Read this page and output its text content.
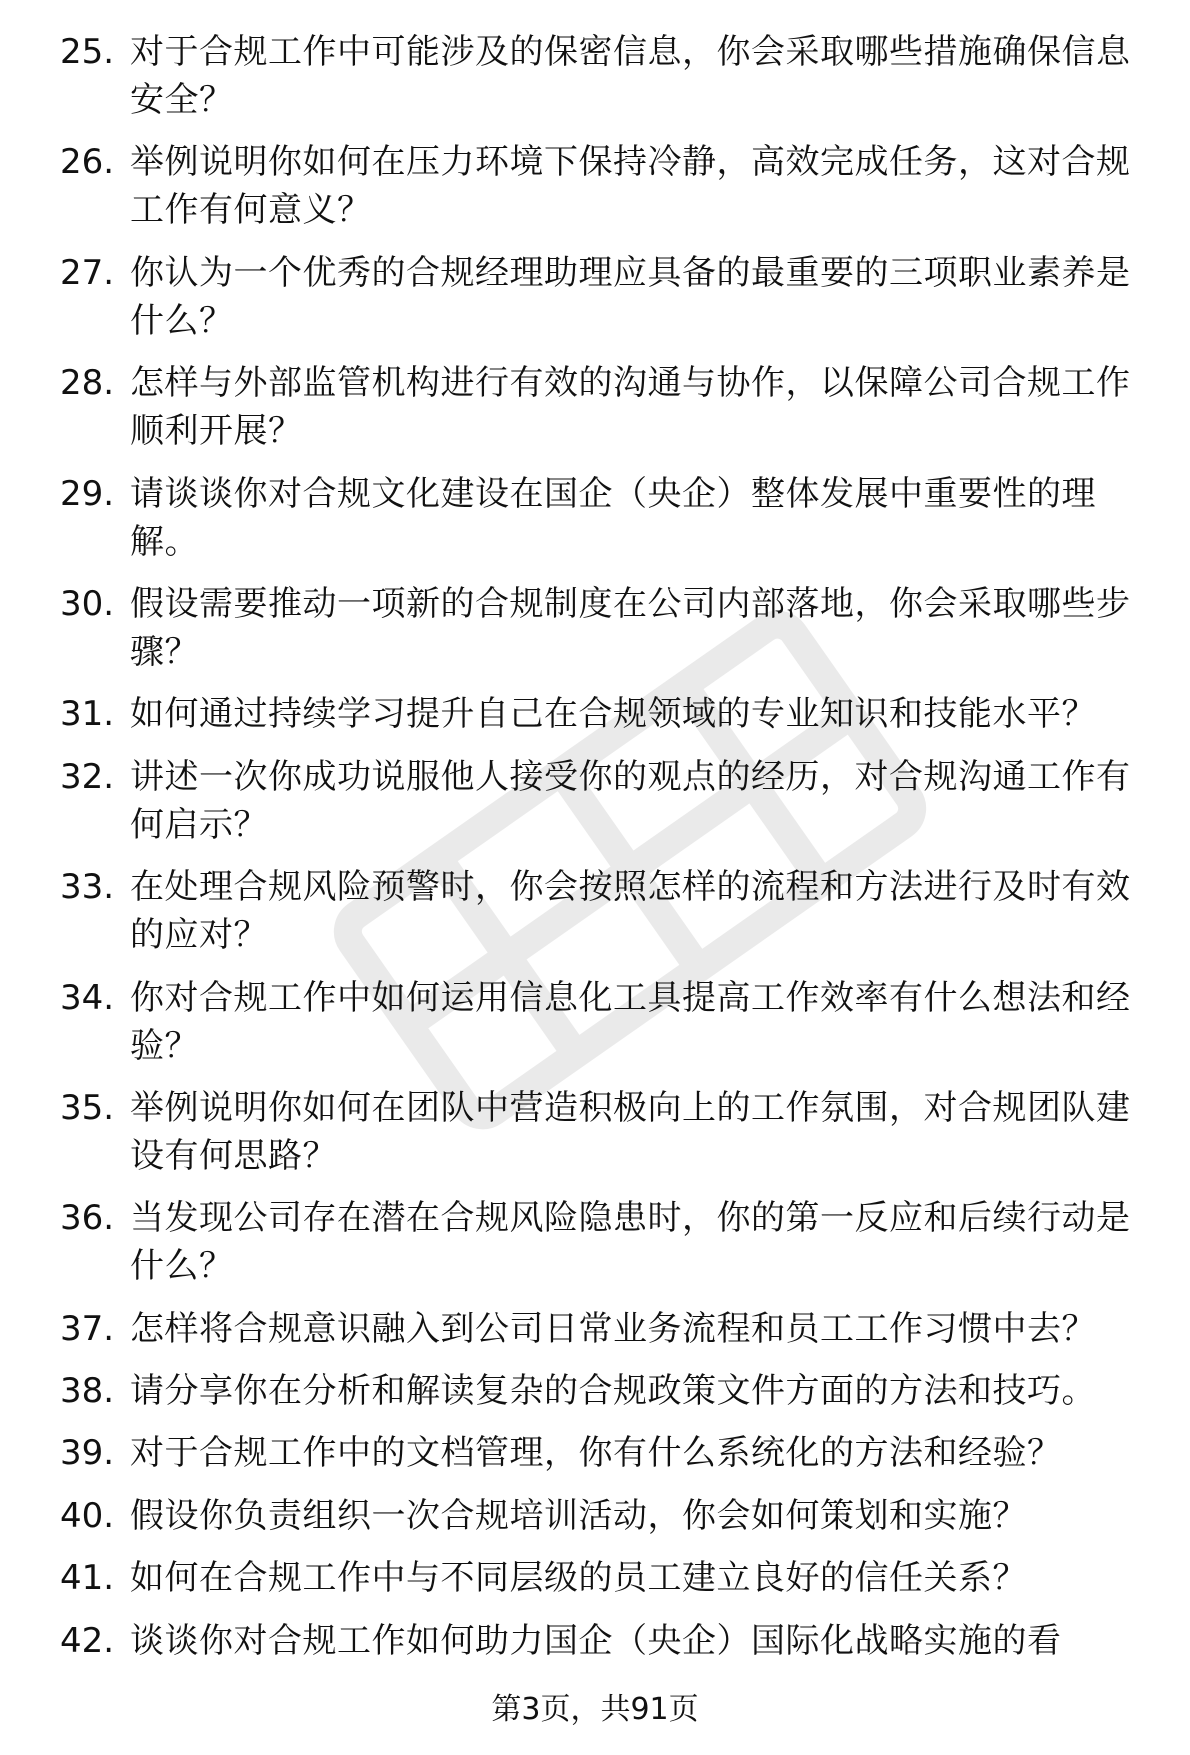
25. 对于合规工作中可能涉及的保密信息，你会采取哪些措施确保信息安全？
26. 举例说明你如何在压力环境下保持冷静，高效完成任务，这对合规工作有何意义？
27. 你认为一个优秀的合规经理助理应具备的最重要的三项职业素养是什么？
28. 怎样与外部监管机构进行有效的沟通与协作，以保障公司合规工作顺利开展？
29. 请谈谈你对合规文化建设在国企（央企）整体发展中重要性的理解。
30. 假设需要推动一项新的合规制度在公司内部落地，你会采取哪些步骤？
31. 如何通过持续学习提升自己在合规领域的专业知识和技能水平？
32. 讲述一次你成功说服他人接受你的观点的经历，对合规沟通工作有何启示？
33. 在处理合规风险预警时，你会按照怎样的流程和方法进行及时有效的应对？
34. 你对合规工作中如何运用信息化工具提高工作效率有什么想法和经验？
35. 举例说明你如何在团队中营造积极向上的工作氛围，对合规团队建设有何思路？
36. 当发现公司存在潜在合规风险隐患时，你的第一反应和后续行动是什么？
37. 怎样将合规意识融入到公司日常业务流程和员工工作习惯中去？
38. 请分享你在分析和解读复杂的合规政策文件方面的方法和技巧。
39. 对于合规工作中的文档管理，你有什么系统化的方法和经验？
40. 假设你负责组织一次合规培训活动，你会如何策划和实施？
41. 如何在合规工作中与不同层级的员工建立良好的信任关系？
42. 谈谈你对合规工作如何助力国企（央企）国际化战略实施的看
第3页，共91页
